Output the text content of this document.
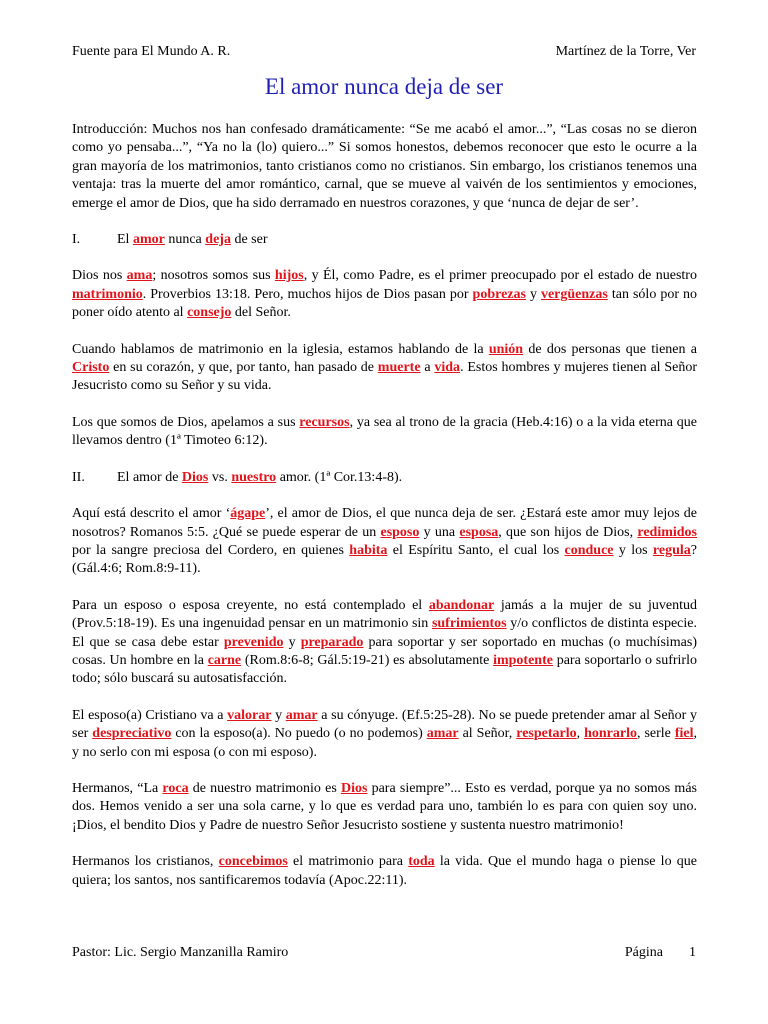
Fuente para El Mundo A. R.	Martínez de la Torre, Ver
El amor nunca deja de ser

Introducción: Muchos nos han confesado dramáticamente: “Se me acabó el amor...”, “Las cosas no se dieron como yo pensaba...”, “Ya no la (lo) quiero...” Si somos honestos, debemos reconocer que esto le ocurre a la gran mayoría de los matrimonios, tanto cristianos como no cristianos. Sin embargo, los cristianos tenemos una ventaja: tras la muerte del amor romántico, carnal, que se mueve al vaivén de los sentimientos y emociones, emerge el amor de Dios, que ha sido derramado en nuestros corazones, y que ‘nunca de dejar de ser’.

I.	El amor nunca deja de ser

Dios nos ama; nosotros somos sus hijos, y Él, como Padre, es el primer preocupado por el estado de nuestro matrimonio. Proverbios 13:18. Pero, muchos hijos de Dios pasan por pobrezas y vergüenzas tan sólo por no poner oído atento al consejo del Señor.

Cuando hablamos de matrimonio en la iglesia, estamos hablando de la unión de dos personas que tienen a Cristo en su corazón, y que, por tanto, han pasado de muerte a vida. Estos hombres y mujeres tienen al Señor Jesucristo como su Señor y su vida.

Los que somos de Dios, apelamos a sus recursos, ya sea al trono de la gracia (Heb.4:16) o a la vida eterna que llevamos dentro (1ª Timoteo 6:12).

II.	El amor de Dios vs. nuestro amor. (1ª Cor.13:4-8).

Aquí está descrito el amor ‘ágape’, el amor de Dios, el que nunca deja de ser. ¿Estará este amor muy lejos de nosotros? Romanos 5:5. ¿Qué se puede esperar de un esposo y una esposa, que son hijos de Dios, redimidos por la sangre preciosa del Cordero, en quienes habita el Espíritu Santo, el cual los conduce y los regula? (Gál.4:6; Rom.8:9-11).

Para un esposo o esposa creyente, no está contemplado el abandonar jamás a la mujer de su juventud (Prov.5:18-19). Es una ingenuidad pensar en un matrimonio sin sufrimientos y/o conflictos de distinta especie. El que se casa debe estar prevenido y preparado para soportar y ser soportado en muchas (o muchísimas) cosas. Un hombre en la carne (Rom.8:6-8; Gál.5:19-21) es absolutamente impotente para soportarlo o sufrirlo todo; sólo buscará su autosatisfacción.

El esposo(a) Cristiano va a valorar y amar a su cónyuge. (Ef.5:25-28). No se puede pretender amar al Señor y ser despreciativo con la esposo(a). No puedo (o no podemos) amar al Señor, respetarlo, honrarlo, serle fiel, y no serlo con mi esposa (o con mi esposo).

Hermanos, “La roca de nuestro matrimonio es Dios para siempre”... Esto es verdad, porque ya no somos más dos. Hemos venido a ser una sola carne, y lo que es verdad para uno, también lo es para con quien soy uno. ¡Dios, el bendito Dios y Padre de nuestro Señor Jesucristo sostiene y sustenta nuestro matrimonio!

Hermanos los cristianos, concebimos el matrimonio para toda la vida. Que el mundo haga o piense lo que quiera; los santos, nos santificaremos todavía (Apoc.22:11).

Pastor: Lic. Sergio Manzanilla Ramiro	Página 1
